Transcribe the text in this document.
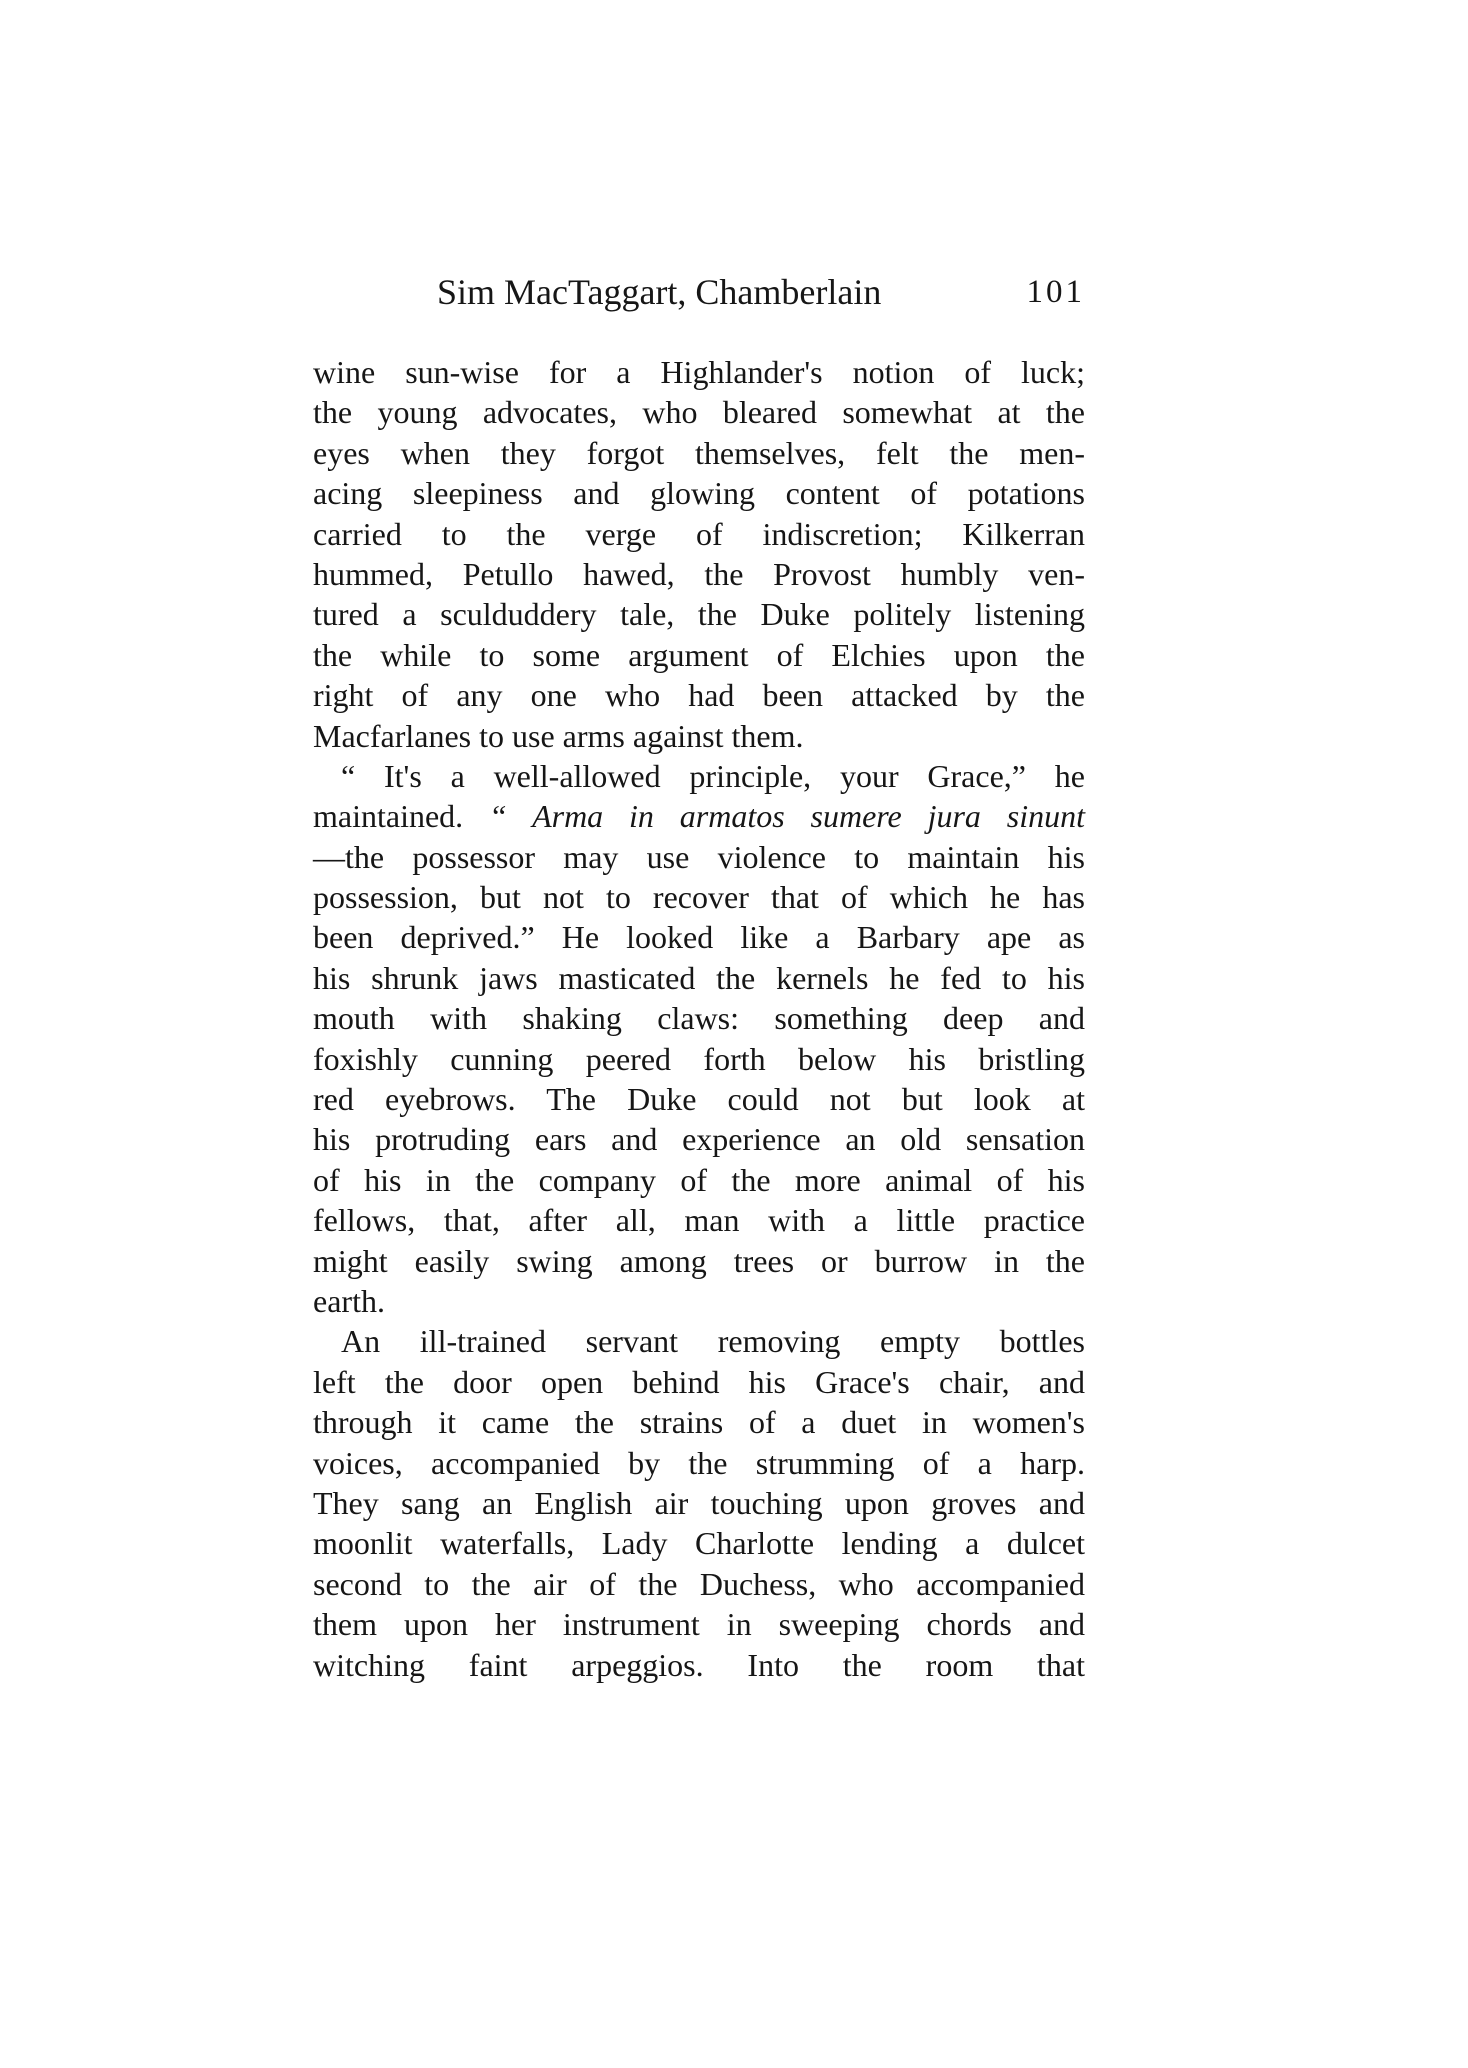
Sim MacTaggart, Chamberlain	101
wine sun-wise for a Highlander's notion of luck;
the young advocates, who bleared somewhat at the
eyes when they forgot themselves, felt the men-
acing sleepiness and glowing content of potations
carried to the verge of indiscretion; Kilkerran
hummed, Petullo hawed, the Provost humbly ven-
tured a sculduddery tale, the Duke politely listening
the while to some argument of Elchies upon the
right of any one who had been attacked by the
Macfarlanes to use arms against them.
“ It's a well-allowed principle, your Grace,” he
maintained. “ Arma in armatos sumere jura sinunt
—the possessor may use violence to maintain his
possession, but not to recover that of which he has
been deprived.” He looked like a Barbary ape as
his shrunk jaws masticated the kernels he fed to his
mouth with shaking claws: something deep and
foxishly cunning peered forth below his bristling
red eyebrows. The Duke could not but look at
his protruding ears and experience an old sensation
of his in the company of the more animal of his
fellows, that, after all, man with a little practice
might easily swing among trees or burrow in the
earth.
An ill-trained servant removing empty bottles
left the door open behind his Grace's chair, and
through it came the strains of a duet in women's
voices, accompanied by the strumming of a harp.
They sang an English air touching upon groves and
moonlit waterfalls, Lady Charlotte lending a dulcet
second to the air of the Duchess, who accompanied
them upon her instrument in sweeping chords and
witching faint arpeggios. Into the room that
